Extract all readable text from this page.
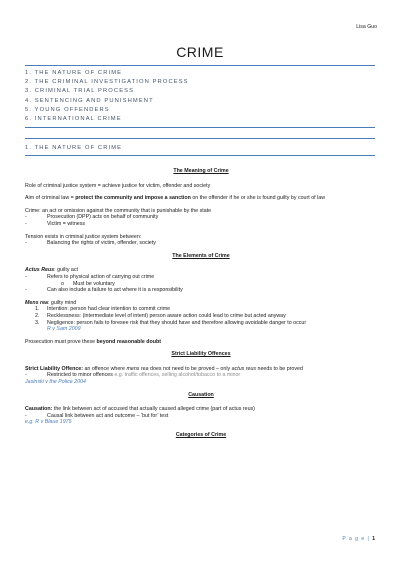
Lisa Guo
CRIME
1. THE NATURE OF CRIME
2. THE CRIMINAL INVESTIGATION PROCESS
3. CRIMINAL TRIAL PROCESS
4. SENTENCING AND PUNISHMENT
5. YOUNG OFFENDERS
6. INTERNATIONAL CRIME
1. THE NATURE OF CRIME
The Meaning of Crime
Role of criminal justice system = achieve justice for victim, offender and society
Aim of criminal law = protect the community and impose a sanction on the offender if he or she is found guilty by court of law
Crime: an act or omission against the community that is punishable by the state
-	Prosecution (DPP) acts on behalf of community
-	Victim = witness
Tension exists in criminal justice system between:
-	Balancing the rights of victim, offender, society
The Elements of Crime
Actus Reus: guilty act
-	Refers to physical action of carrying out crime
o Must be voluntary
-	Can also include a failure to act where it is a responsibility
Mens rea: guilty mind
1. Intention: person had clear intention to commit crime
2. Recklessness: (intermediate level of intent) person aware action could lead to crime but acted anyway
3. Negligence: person fails to foresee risk that they should have and therefore allowing avoidable danger to occur
R v Sam 2009
Prosecution must prove these beyond reasonable doubt
Strict Liability Offences
Strict Liability Offence: an offence where mens rea does not need to be proved – only actus reus needs to be proved
-	Restricted to minor offences e.g. traffic offences, selling alcohol/tobacco to a minor
Jasinski v the Police 2004
Causation
Causation: the link between act of accused that actually caused alleged crime (part of actus reus)
-	Causal link between act and outcome – ‘but for’ test
e.g. R v Blaue 1975
Categories of Crime
P a g e | 1
